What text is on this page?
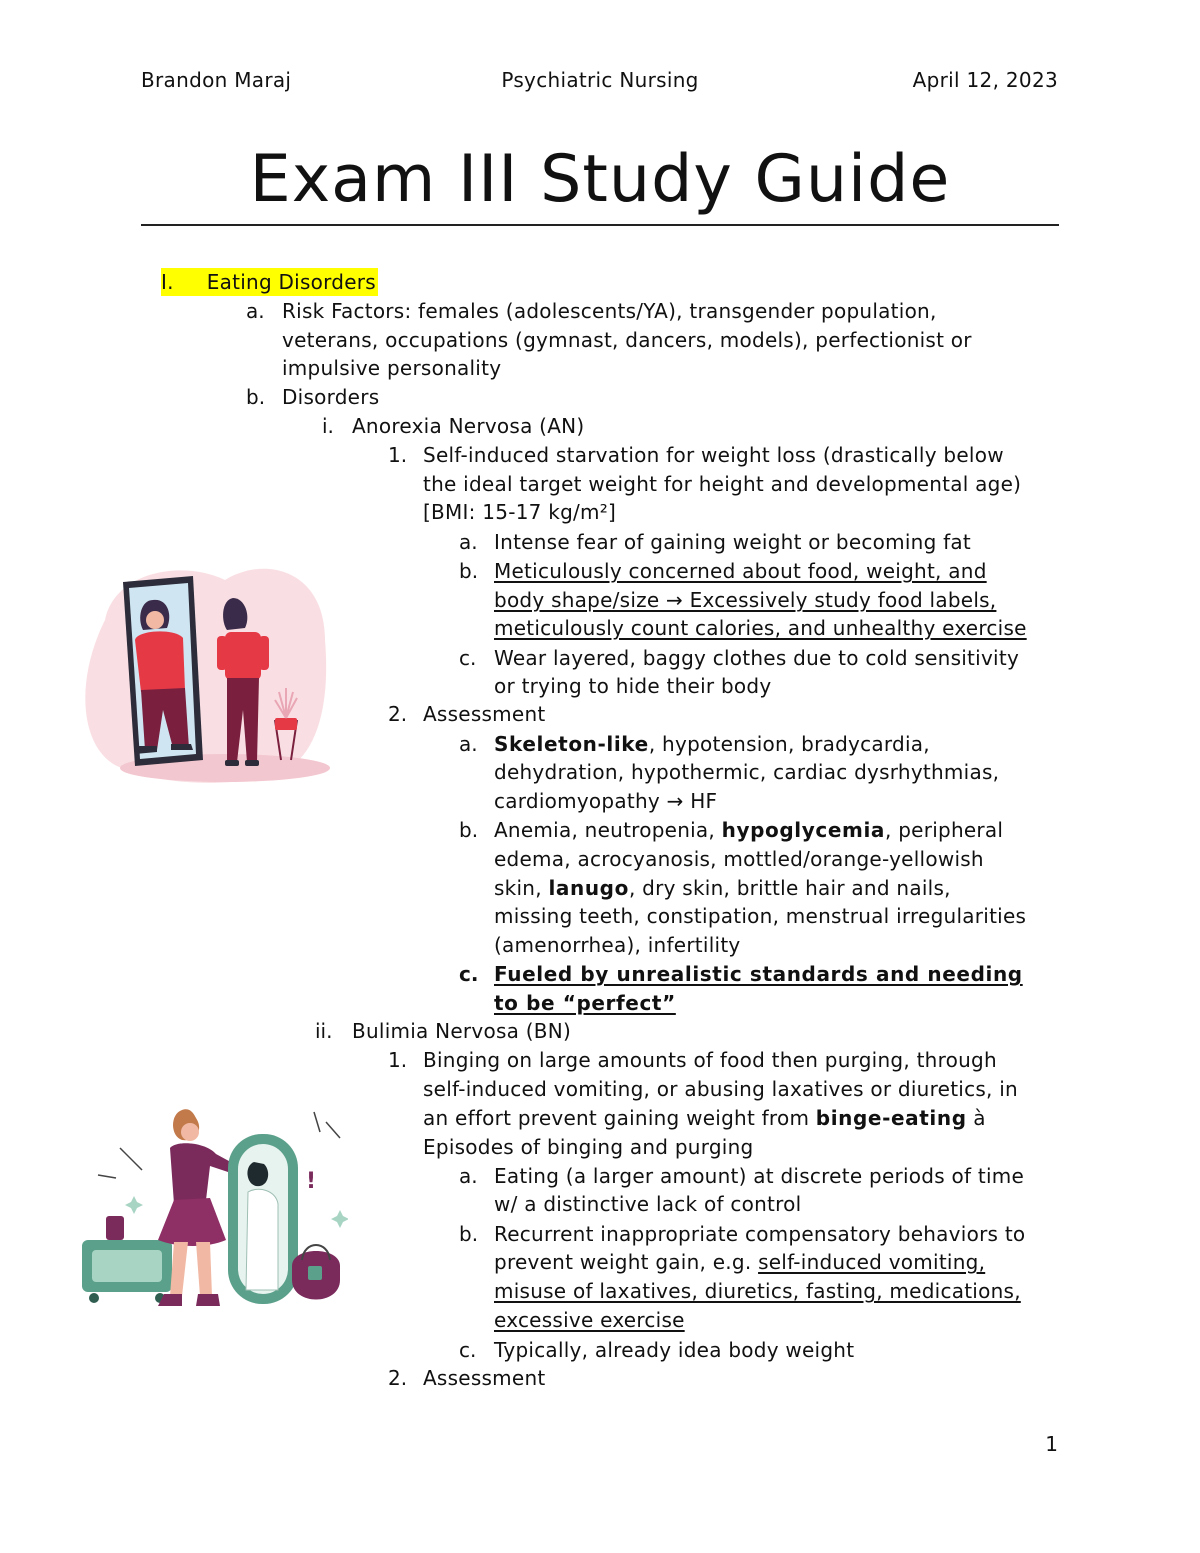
Brandon Maraj	Psychiatric Nursing	April 12, 2023
Exam III Study Guide
I. Eating Disorders
a. Risk Factors: females (adolescents/YA), transgender population,
veterans, occupations (gymnast, dancers, models), perfectionist or
impulsive personality
b. Disorders
i. Anorexia Nervosa (AN)
1. Self-induced starvation for weight loss (drastically below
the ideal target weight for height and developmental age)
[BMI: 15-17 kg/m²]
a. Intense fear of gaining weight or becoming fat
b. Meticulously concerned about food, weight, and
body shape/size → Excessively study food labels,
meticulously count calories, and unhealthy exercise
c. Wear layered, baggy clothes due to cold sensitivity
or trying to hide their body
2. Assessment
a. Skeleton-like, hypotension, bradycardia,
dehydration, hypothermic, cardiac dysrhythmias,
cardiomyopathy → HF
b. Anemia, neutropenia, hypoglycemia, peripheral
edema, acrocyanosis, mottled/orange-yellowish
skin, lanugo, dry skin, brittle hair and nails,
missing teeth, constipation, menstrual irregularities
(amenorrhea), infertility
c. Fueled by unrealistic standards and needing
to be “perfect”
ii. Bulimia Nervosa (BN)
1. Binging on large amounts of food then purging, through
self-induced vomiting, or abusing laxatives or diuretics, in
an effort prevent gaining weight from binge-eating à
Episodes of binging and purging
a. Eating (a larger amount) at discrete periods of time
w/ a distinctive lack of control
b. Recurrent inappropriate compensatory behaviors to
prevent weight gain, e.g. self-induced vomiting,
misuse of laxatives, diuretics, fasting, medications,
excessive exercise
c. Typically, already idea body weight
2. Assessment
1
!
